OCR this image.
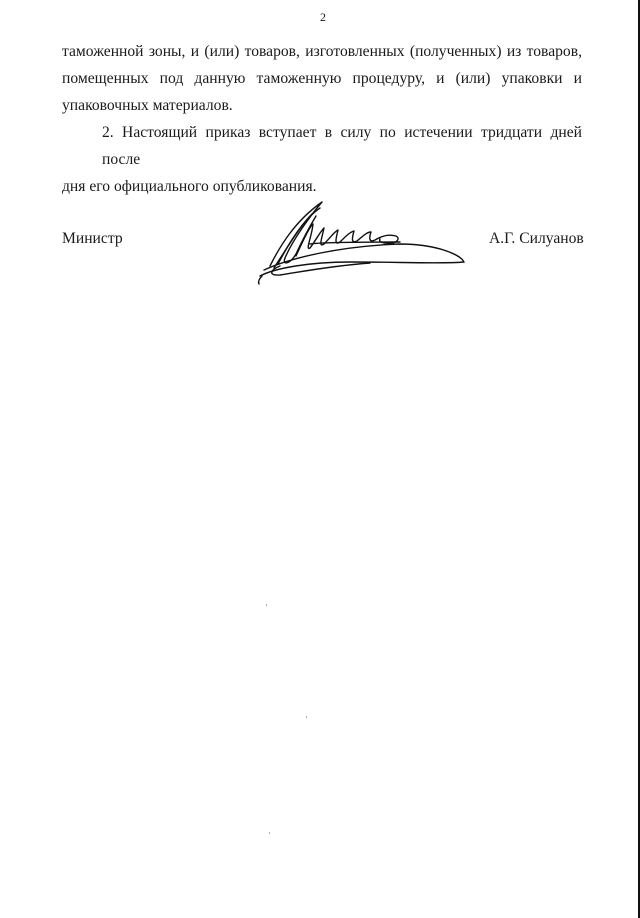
2
таможенной зоны, и (или) товаров, изготовленных (полученных) из товаров,
помещенных под данную таможенную процедуру, и (или) упаковки и
упаковочных материалов.
2. Настоящий приказ вступает в силу по истечении тридцати дней после
дня его официального опубликования.
Министр	А.Г. Силуанов
